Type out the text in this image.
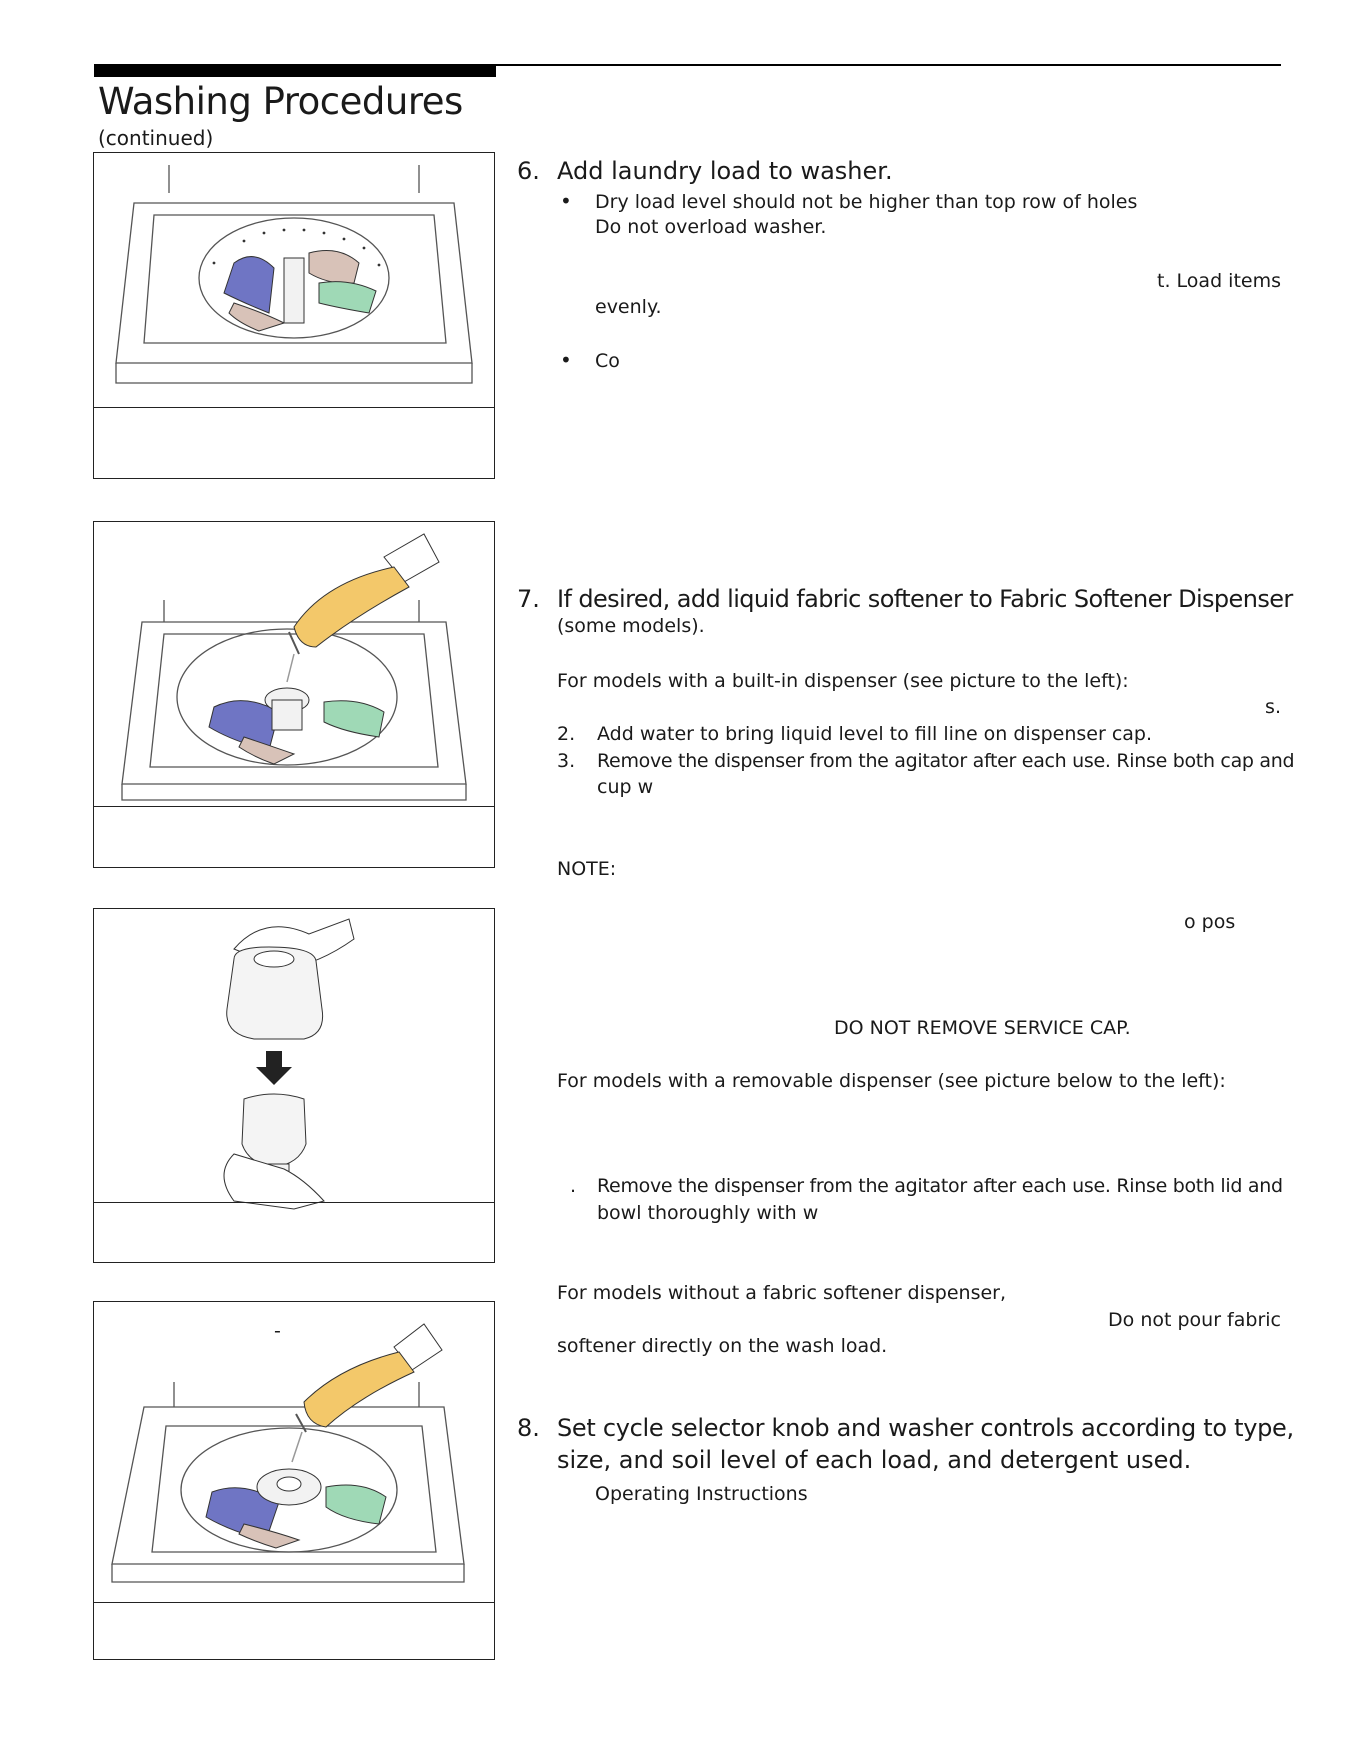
Washing Procedures
(continued)
-
6. Add laundry load to washer.
• Dry load level should not be higher than top row of holes
Do not overload washer.
t. Load items
evenly.
• Co
7. If desired, add liquid fabric softener to Fabric Softener Dispenser
(some models).
For models with a built-in dispenser (see picture to the left):
s.
2. Add water to bring liquid level to fill line on dispenser cap.
3. Remove the dispenser from the agitator after each use. Rinse both cap and
cup w
NOTE:
o pos
DO NOT REMOVE SERVICE CAP.
For models with a removable dispenser (see picture below to the left):
. Remove the dispenser from the agitator after each use. Rinse both lid and
bowl thoroughly with w
For models without a fabric softener dispenser,
Do not pour fabric
softener directly on the wash load.
8. Set cycle selector knob and washer controls according to type,
size, and soil level of each load, and detergent used.
Operating Instructions
